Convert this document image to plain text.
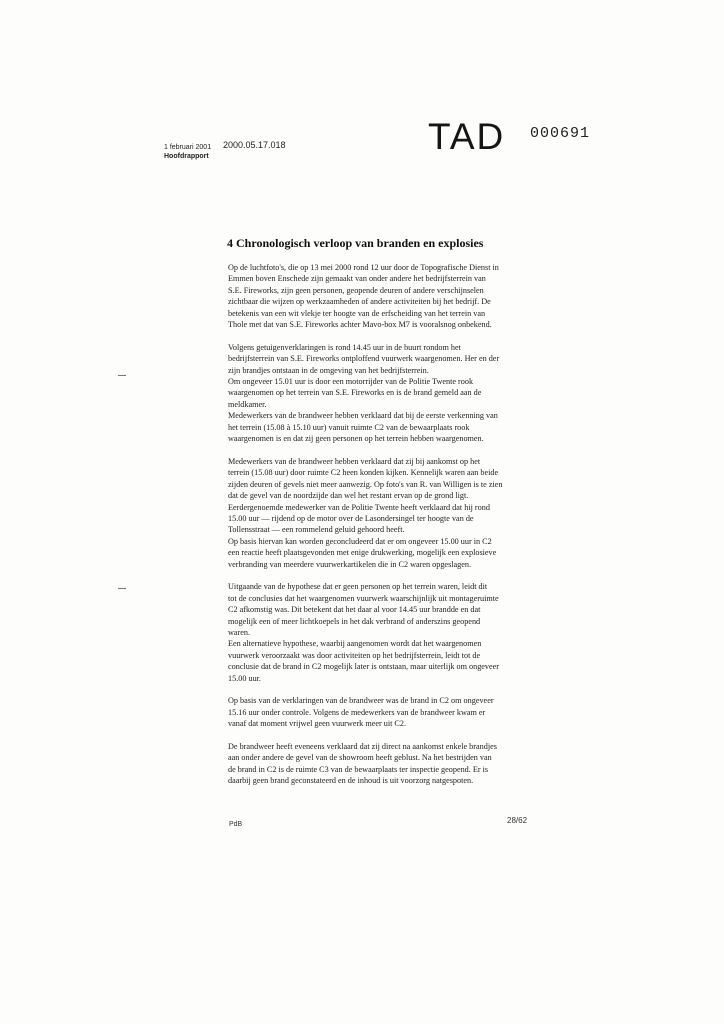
1 februari 2001
Hoofdrapport
2000.05.17.018	TAD 000691
4 Chronologisch verloop van branden en explosies

Op de luchtfoto's, die op 13 mei 2000 rond 12 uur door de Topografische Dienst in
Emmen boven Enschede zijn gemaakt van onder andere het bedrijfsterrein van
S.E. Fireworks, zijn geen personen, geopende deuren of andere verschijnselen
zichtbaar die wijzen op werkzaamheden of andere activiteiten bij het bedrijf. De
betekenis van een wit vlekje ter hoogte van de erfscheiding van het terrein van
Thole met dat van S.E. Fireworks achter Mavo-box M7 is vooralsnog onbekend.

Volgens getuigenverklaringen is rond 14.45 uur in de buurt rondom het
bedrijfsterrein van S.E. Fireworks ontploffend vuurwerk waargenomen. Her en der
zijn brandjes ontstaan in de omgeving van het bedrijfsterrein.
Om ongeveer 15.01 uur is door een motorrijder van de Politie Twente rook
waargenomen op het terrein van S.E. Fireworks en is de brand gemeld aan de
meldkamer.
Medewerkers van de brandweer hebben verklaard dat bij de eerste verkenning van
het terrein (15.08 à 15.10 uur) vanuit ruimte C2 van de bewaarplaats rook
waargenomen is en dat zij geen personen op het terrein hebben waargenomen.

Medewerkers van de brandweer hebben verklaard dat zij bij aankomst op het
terrein (15.08 uur) door ruimte C2 heen konden kijken. Kennelijk waren aan beide
zijden deuren of gevels niet meer aanwezig. Op foto's van R. van Willigen is te zien
dat de gevel van de noordzijde dan wel het restant ervan op de grond ligt.
Eerdergenoemde medewerker van de Politie Twente heeft verklaard dat hij rond
15.00 uur — rijdend op de motor over de Lasondersingel ter hoogte van de
Tollensstraat — een rommelend geluid gehoord heeft.
Op basis hiervan kan worden geconcludeerd dat er om ongeveer 15.00 uur in C2
een reactie heeft plaatsgevonden met enige drukwerking, mogelijk een explosieve
verbranding van meerdere vuurwerkartikelen die in C2 waren opgeslagen.

Uitgaande van de hypothese dat er geen personen op het terrein waren, leidt dit
tot de conclusies dat het waargenomen vuurwerk waarschijnlijk uit montageruimte
C2 afkomstig was. Dit betekent dat het daar al voor 14.45 uur brandde en dat
mogelijk een of meer lichtkoepels in het dak verbrand of anderszins geopend
waren.
Een alternatieve hypothese, waarbij aangenomen wordt dat het waargenomen
vuurwerk veroorzaakt was door activiteiten op het bedrijfsterrein, leidt tot de
conclusie dat de brand in C2 mogelijk later is ontstaan, maar uiterlijk om ongeveer
15.00 uur.

Op basis van de verklaringen van de brandweer was de brand in C2 om ongeveer
15.16 uur onder controle. Volgens de medewerkers van de brandweer kwam er
vanaf dat moment vrijwel geen vuurwerk meer uit C2.

De brandweer heeft eveneens verklaard dat zij direct na aankomst enkele brandjes
aan onder andere de gevel van de showroom heeft geblust. Na het bestrijden van
de brand in C2 is de ruimte C3 van de bewaarplaats ter inspectie geopend. Er is
daarbij geen brand geconstateerd en de inhoud is uit voorzorg natgespoten.

PdB	28/62
